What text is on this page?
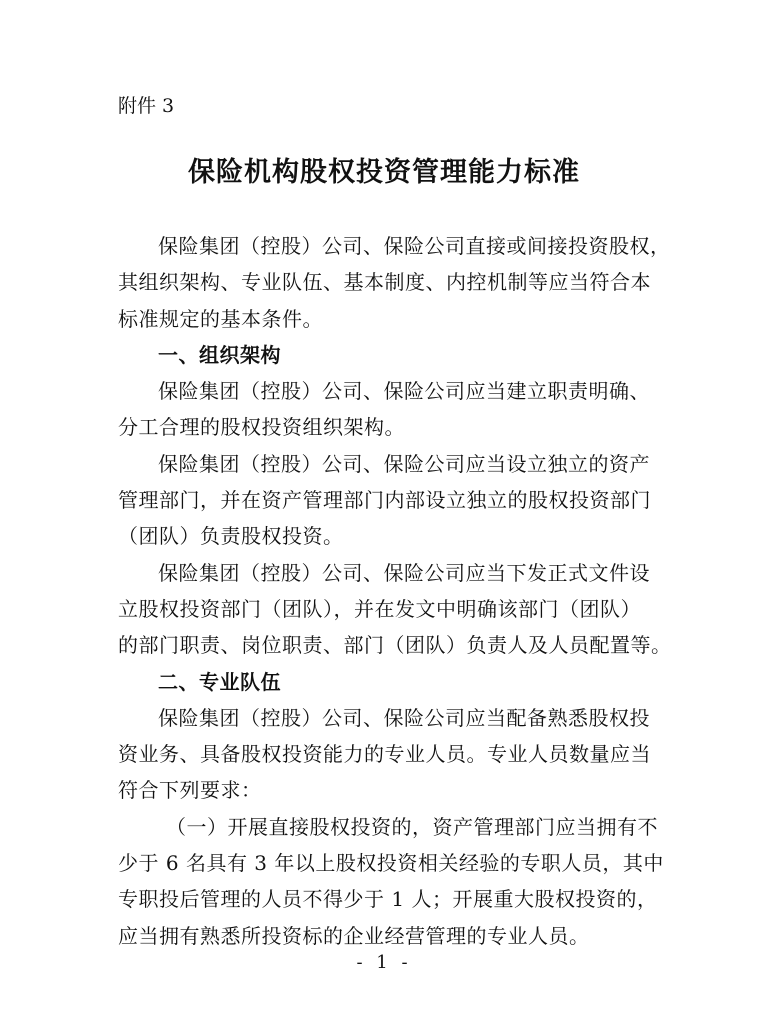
附件 3
保险机构股权投资管理能力标准
保险集团（控股）公司、保险公司直接或间接投资股权，
其组织架构、专业队伍、基本制度、内控机制等应当符合本
标准规定的基本条件。
一、组织架构
保险集团（控股）公司、保险公司应当建立职责明确、
分工合理的股权投资组织架构。
保险集团（控股）公司、保险公司应当设立独立的资产
管理部门，并在资产管理部门内部设立独立的股权投资部门
（团队）负责股权投资。
保险集团（控股）公司、保险公司应当下发正式文件设
立股权投资部门（团队），并在发文中明确该部门（团队）
的部门职责、岗位职责、部门（团队）负责人及人员配置等。
二、专业队伍
保险集团（控股）公司、保险公司应当配备熟悉股权投
资业务、具备股权投资能力的专业人员。专业人员数量应当
符合下列要求：
（一）开展直接股权投资的，资产管理部门应当拥有不
少于 6 名具有 3 年以上股权投资相关经验的专职人员，其中
专职投后管理的人员不得少于 1 人；开展重大股权投资的，
应当拥有熟悉所投资标的企业经营管理的专业人员。
- 1 -
